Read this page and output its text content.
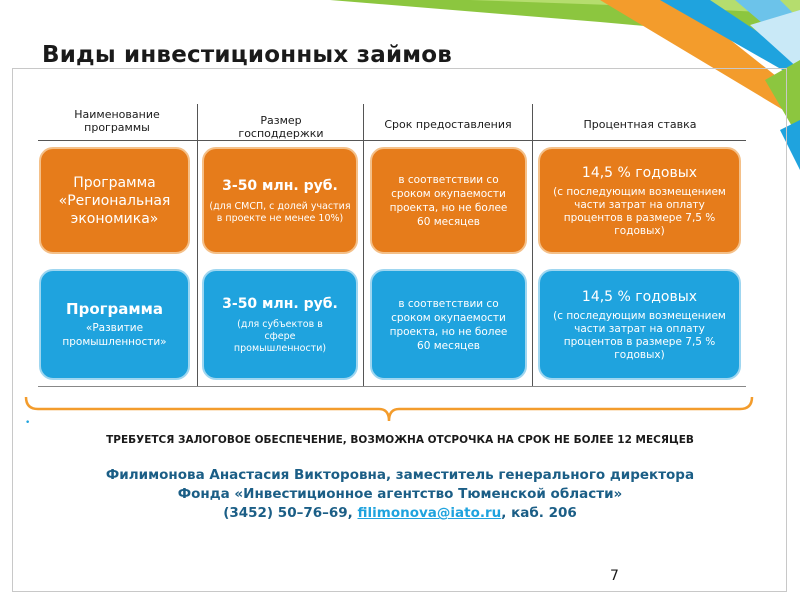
Виды инвестиционных займов
Наименование программы
Размер господдержки
Срок предоставления	Процентная ставка
Программа «Региональная экономика»
3-50 млн. руб.
(для СМСП, с долей участия в проекте не менее 10%)
в соответствии со сроком окупаемости проекта, но не более 60 месяцев
14,5 % годовых
(с последующим возмещением части затрат на оплату процентов в размере 7,5 % годовых)
Программа
«Развитие промышленности»
3-50 млн. руб.
(для субъектов в сфере промышленности)
в соответствии со сроком окупаемости проекта, но не более 60 месяцев
14,5 % годовых
(с последующим возмещением части затрат на оплату процентов в размере 7,5 % годовых)
•
ТРЕБУЕТСЯ ЗАЛОГОВОЕ ОБЕСПЕЧЕНИЕ, ВОЗМОЖНА ОТСРОЧКА НА СРОК НЕ БОЛЕЕ 12 МЕСЯЦЕВ
Филимонова Анастасия Викторовна, заместитель генерального директора
Фонда «Инвестиционное агентство Тюменской области»
(3452) 50–76–69, filimonova@iato.ru, каб. 206
7
